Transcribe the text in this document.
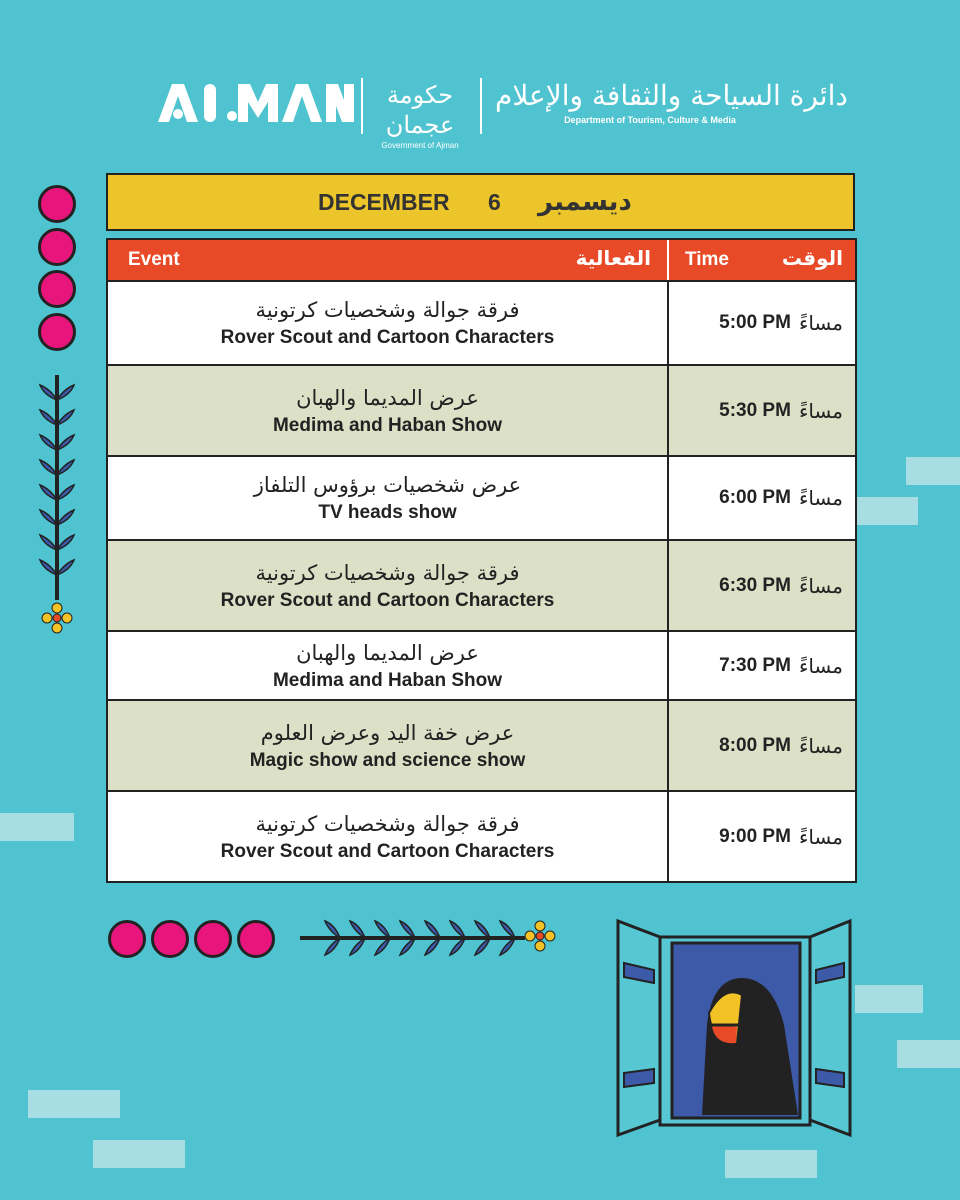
حكومة عجمان
Government of Ajman
دائرة السياحة والثقافة والإعلام
Department of Tourism, Culture & Media
DECEMBER 6 ديسمبر
Event	الفعالية Time	الوقت
فرقة جوالة وشخصيات كرتونية
Rover Scout and Cartoon Characters
5:00 PM مساءً
عرض المديما والهبان
Medima and Haban Show
5:30 PM مساءً
عرض شخصيات برؤوس التلفاز
TV heads show
6:00 PM مساءً
فرقة جوالة وشخصيات كرتونية
Rover Scout and Cartoon Characters
6:30 PM مساءً
عرض المديما والهبان
Medima and Haban Show
7:30 PM مساءً
عرض خفة اليد وعرض العلوم
Magic show and science show
8:00 PM مساءً
فرقة جوالة وشخصيات كرتونية
Rover Scout and Cartoon Characters
9:00 PM مساءً
